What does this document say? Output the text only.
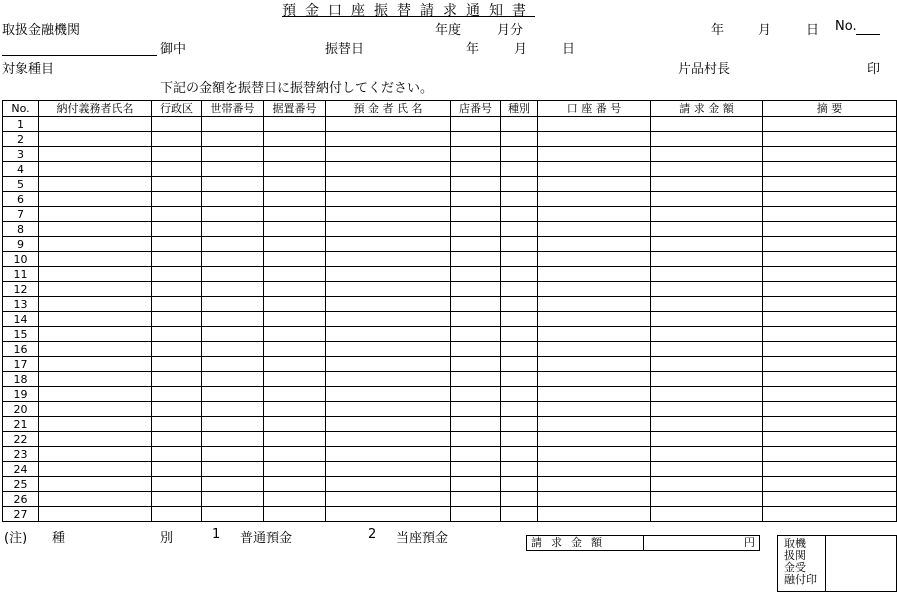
預金口座振替請求通知書
取扱金融機関	年度	月分	年	月	日 No.
御中	振替日	年	月	日
対象種目	片品村長	印
下記の金額を振替日に振替納付してください。
No.	納付義務者氏名	行政区	世帯番号	据置番号	預 金 者 氏 名	店番号	種別	口 座 番 号	請 求 金 額	摘 要
1										
2										
3										
4										
5										
6										
7										
8										
9										
10										
11										
12										
13										
14										
15										
16										
17										
18										
19										
20										
21										
22										
23										
24										
25										
26										
27										
(注) 種	別	1 普通預金	2 当座預金	請求金額	円	取機
扱関
金受
融付印
